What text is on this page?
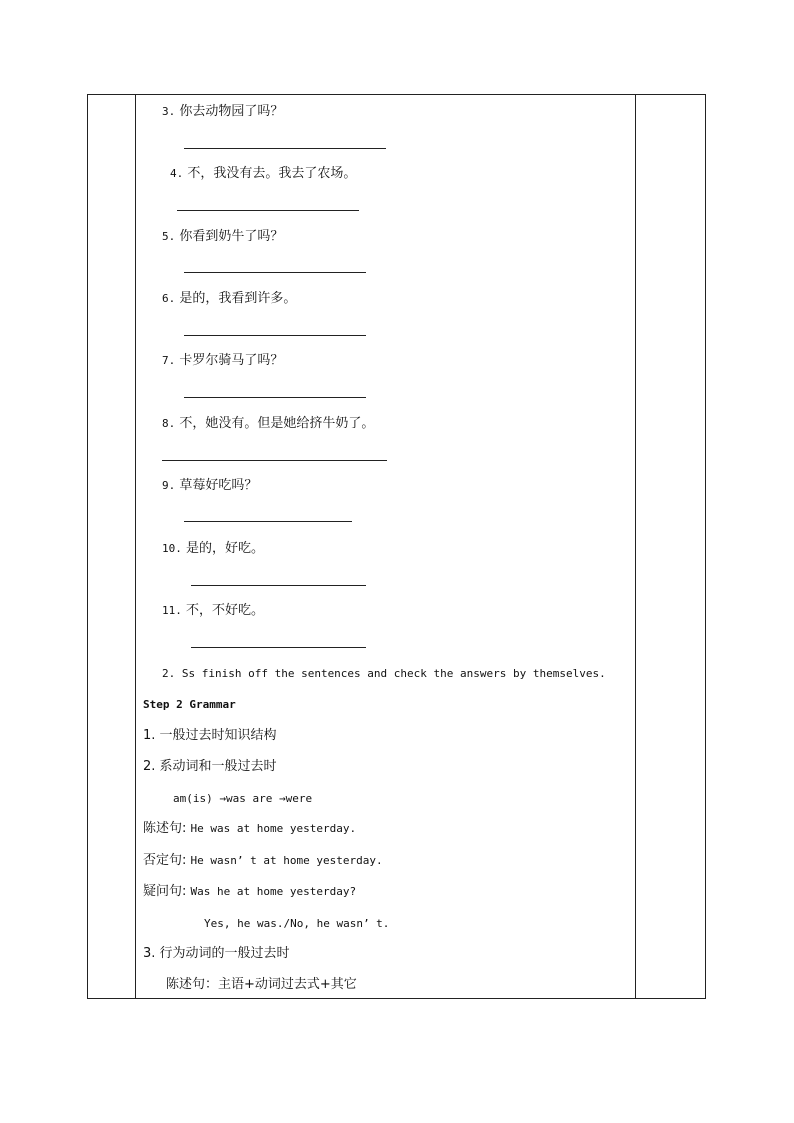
3. 你去动物园了吗？
4. 不，我没有去。我去了农场。
5. 你看到奶牛了吗？
6. 是的，我看到许多。
7. 卡罗尔骑马了吗？
8. 不，她没有。但是她给挤牛奶了。
9. 草莓好吃吗？
10. 是的，好吃。
11. 不，不好吃。
2. Ss finish off the sentences and check the answers by themselves.
Step 2 Grammar
1. 一般过去时知识结构
2. 系动词和一般过去时
am(is) →was are →were
陈述句: He was at home yesterday.
否定句: He wasn’ t at home yesterday.
疑问句: Was he at home yesterday?
Yes, he was./No, he wasn’ t.
3. 行为动词的一般过去时
陈述句：主语+动词过去式+其它
